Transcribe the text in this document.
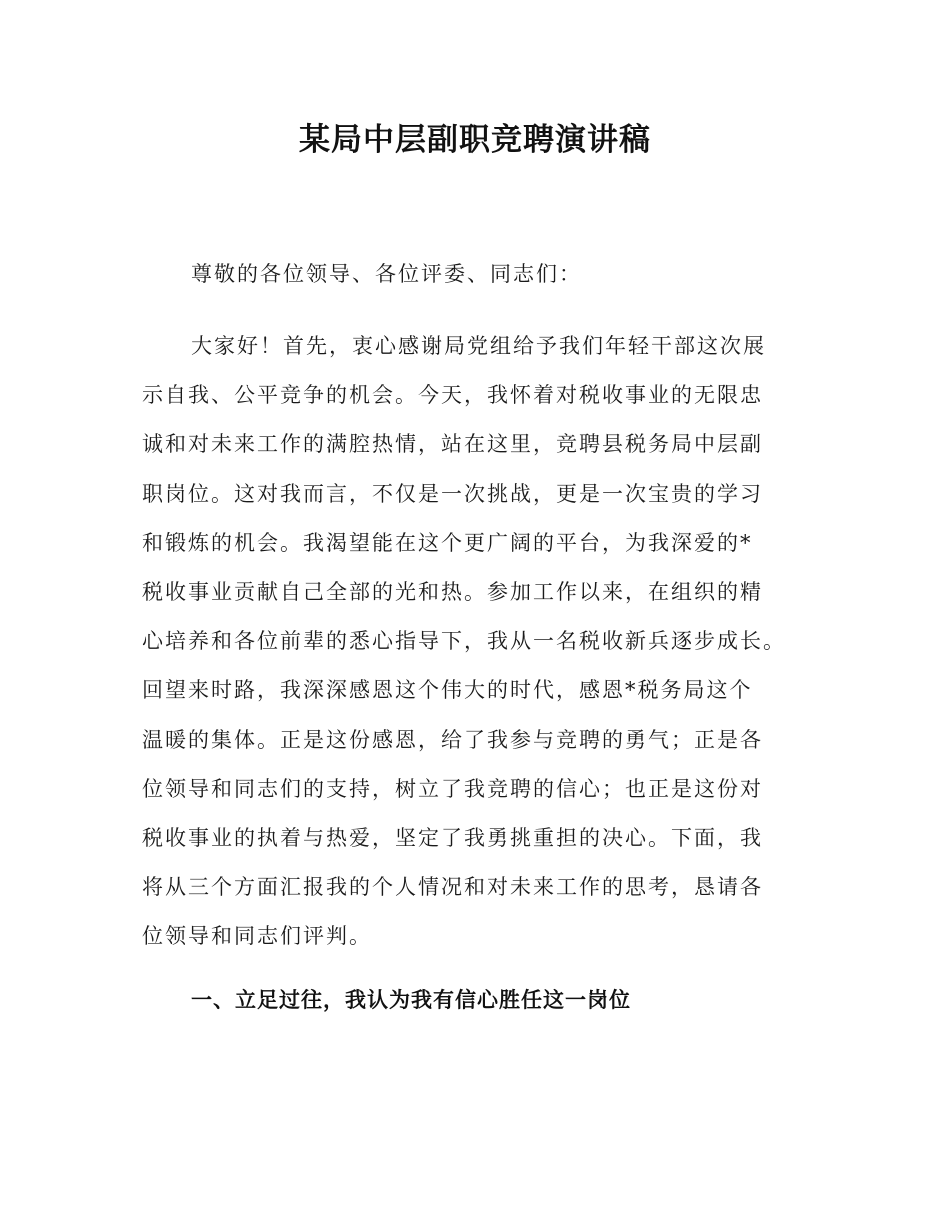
某局中层副职竞聘演讲稿
尊敬的各位领导、各位评委、同志们：
大家好！首先，衷心感谢局党组给予我们年轻干部这次展
示自我、公平竞争的机会。今天，我怀着对税收事业的无限忠
诚和对未来工作的满腔热情，站在这里，竞聘县税务局中层副
职岗位。这对我而言，不仅是一次挑战，更是一次宝贵的学习
和锻炼的机会。我渴望能在这个更广阔的平台，为我深爱的*
税收事业贡献自己全部的光和热。参加工作以来，在组织的精
心培养和各位前辈的悉心指导下，我从一名税收新兵逐步成长。
回望来时路，我深深感恩这个伟大的时代，感恩*税务局这个
温暖的集体。正是这份感恩，给了我参与竞聘的勇气；正是各
位领导和同志们的支持，树立了我竞聘的信心；也正是这份对
税收事业的执着与热爱，坚定了我勇挑重担的决心。下面，我
将从三个方面汇报我的个人情况和对未来工作的思考，恳请各
位领导和同志们评判。
一、立足过往，我认为我有信心胜任这一岗位
